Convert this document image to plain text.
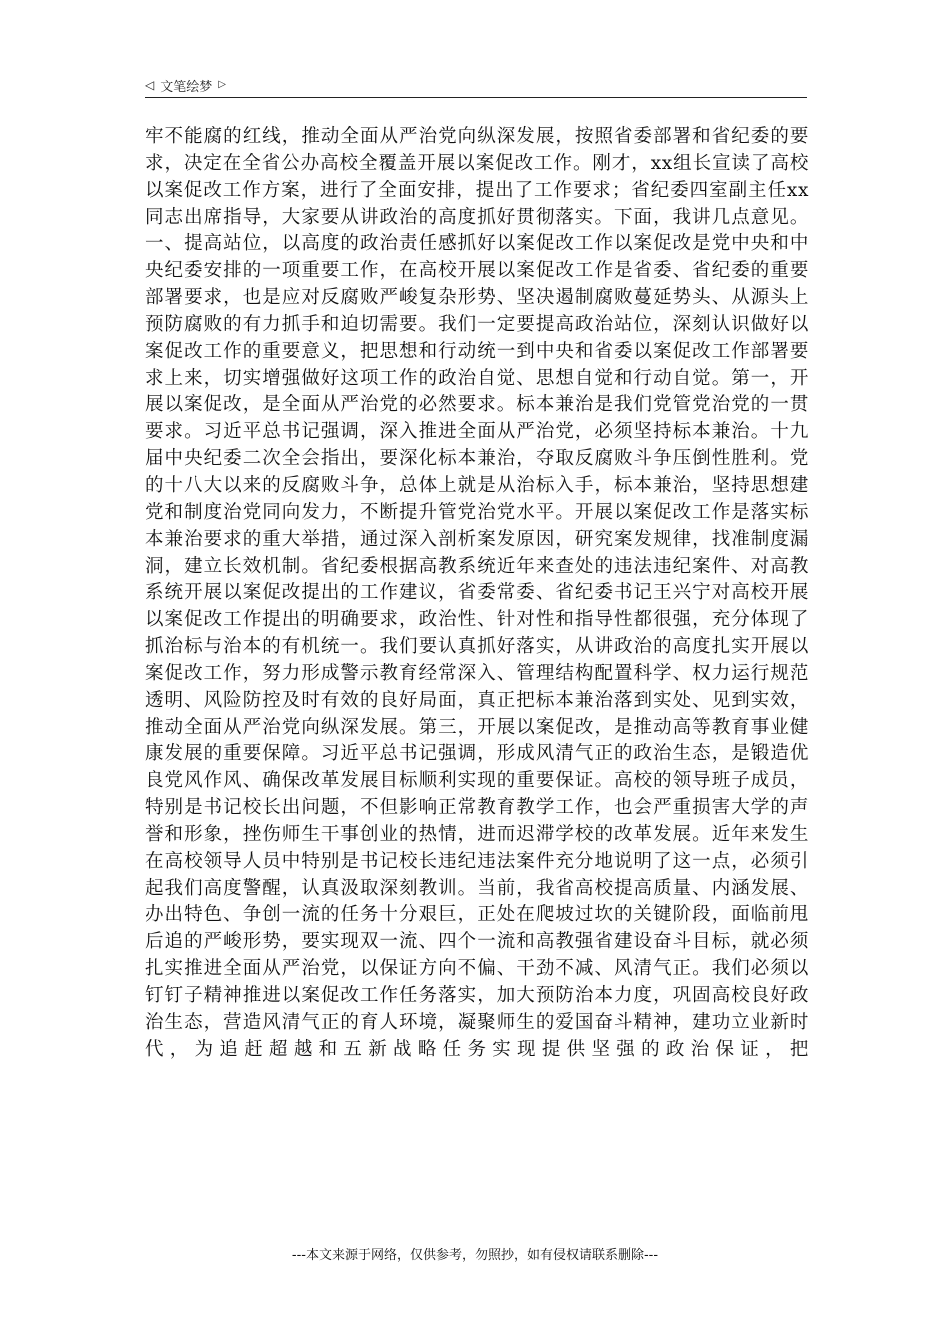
◁ 文笔绘梦 ▷

牢不能腐的红线，推动全面从严治党向纵深发展，按照省委部署和省纪委的要求，决定在全省公办高校全覆盖开展以案促改工作。刚才，xx组长宣读了高校以案促改工作方案，进行了全面安排，提出了工作要求；省纪委四室副主任xx同志出席指导，大家要从讲政治的高度抓好贯彻落实。下面，我讲几点意见。一、提高站位，以高度的政治责任感抓好以案促改工作以案促改是党中央和中央纪委安排的一项重要工作，在高校开展以案促改工作是省委、省纪委的重要部署要求，也是应对反腐败严峻复杂形势、坚决遏制腐败蔓延势头、从源头上预防腐败的有力抓手和迫切需要。我们一定要提高政治站位，深刻认识做好以案促改工作的重要意义，把思想和行动统一到中央和省委以案促改工作部署要求上来，切实增强做好这项工作的政治自觉、思想自觉和行动自觉。第一，开展以案促改，是全面从严治党的必然要求。标本兼治是我们党管党治党的一贯要求。习近平总书记强调，深入推进全面从严治党，必须坚持标本兼治。十九届中央纪委二次全会指出，要深化标本兼治，夺取反腐败斗争压倒性胜利。党的十八大以来的反腐败斗争，总体上就是从治标入手，标本兼治，坚持思想建党和制度治党同向发力，不断提升管党治党水平。开展以案促改工作是落实标本兼治要求的重大举措，通过深入剖析案发原因，研究案发规律，找准制度漏洞，建立长效机制。省纪委根据高教系统近年来查处的违法违纪案件、对高教系统开展以案促改提出的工作建议，省委常委、省纪委书记王兴宁对高校开展以案促改工作提出的明确要求，政治性、针对性和指导性都很强，充分体现了抓治标与治本的有机统一。我们要认真抓好落实，从讲政治的高度扎实开展以案促改工作，努力形成警示教育经常深入、管理结构配置科学、权力运行规范透明、风险防控及时有效的良好局面，真正把标本兼治落到实处、见到实效，推动全面从严治党向纵深发展。第三，开展以案促改，是推动高等教育事业健康发展的重要保障。习近平总书记强调，形成风清气正的政治生态，是锻造优良党风作风、确保改革发展目标顺利实现的重要保证。高校的领导班子成员，特别是书记校长出问题，不但影响正常教育教学工作，也会严重损害大学的声誉和形象，挫伤师生干事创业的热情，进而迟滞学校的改革发展。近年来发生在高校领导人员中特别是书记校长违纪违法案件充分地说明了这一点，必须引起我们高度警醒，认真汲取深刻教训。当前，我省高校提高质量、内涵发展、办出特色、争创一流的任务十分艰巨，正处在爬坡过坎的关键阶段，面临前甩后追的严峻形势，要实现双一流、四个一流和高教强省建设奋斗目标，就必须扎实推进全面从严治党，以保证方向不偏、干劲不减、风清气正。我们必须以钉钉子精神推进以案促改工作任务落实，加大预防治本力度，巩固高校良好政治生态，营造风清气正的育人环境，凝聚师生的爱国奋斗精神，建功立业新时代，为追赶超越和五新战略任务实现提供坚强的政治保证，把

---本文来源于网络，仅供参考，勿照抄，如有侵权请联系删除---
